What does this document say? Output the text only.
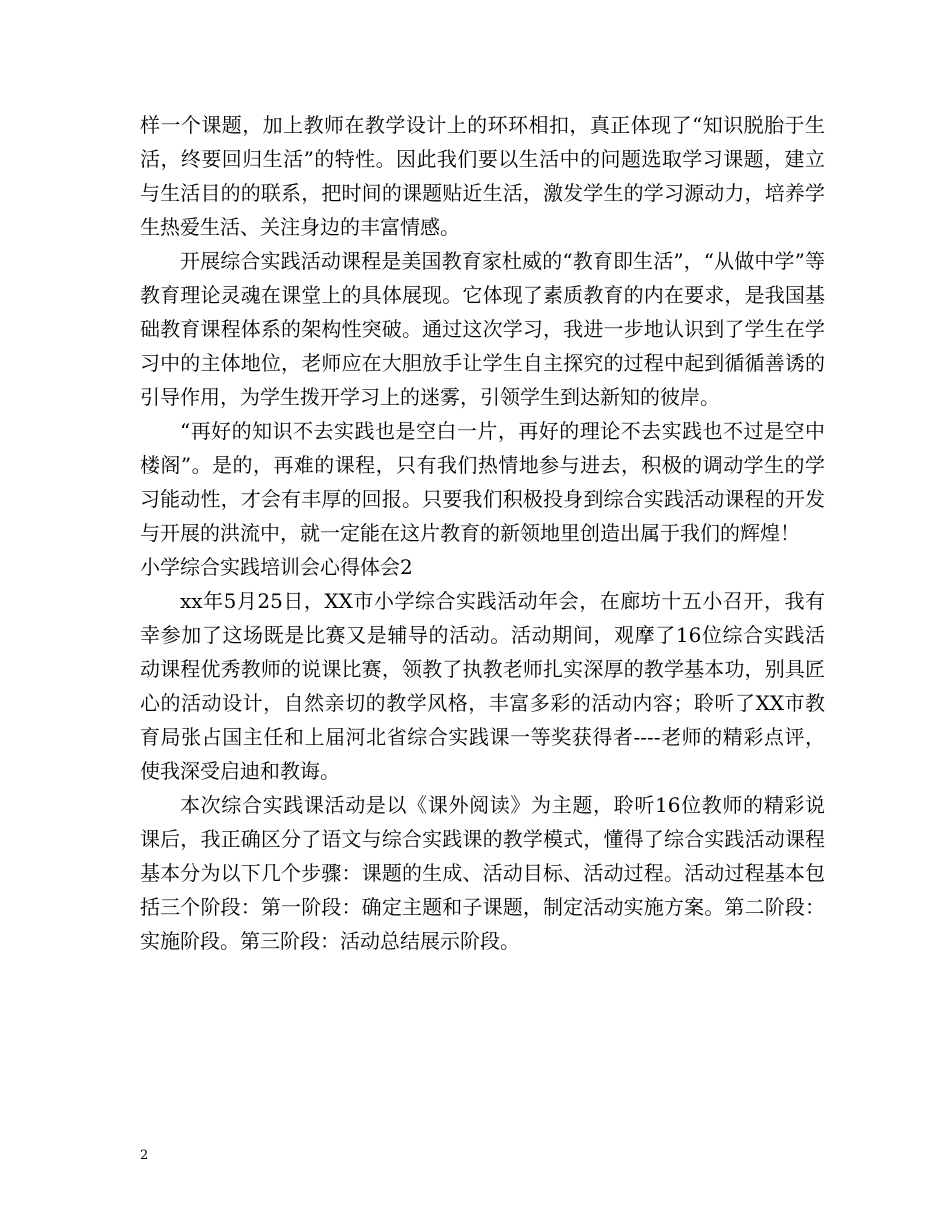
样一个课题，加上教师在教学设计上的环环相扣，真正体现了“知识脱胎于生活，终要回归生活”的特性。因此我们要以生活中的问题选取学习课题，建立与生活目的的联系，把时间的课题贴近生活，激发学生的学习源动力，培养学生热爱生活、关注身边的丰富情感。

开展综合实践活动课程是美国教育家杜威的“教育即生活”，“从做中学”等教育理论灵魂在课堂上的具体展现。它体现了素质教育的内在要求，是我国基础教育课程体系的架构性突破。通过这次学习，我进一步地认识到了学生在学习中的主体地位，老师应在大胆放手让学生自主探究的过程中起到循循善诱的引导作用，为学生拨开学习上的迷雾，引领学生到达新知的彼岸。

“再好的知识不去实践也是空白一片，再好的理论不去实践也不过是空中楼阁”。是的，再难的课程，只有我们热情地参与进去，积极的调动学生的学习能动性，才会有丰厚的回报。只要我们积极投身到综合实践活动课程的开发与开展的洪流中，就一定能在这片教育的新领地里创造出属于我们的辉煌！

小学综合实践培训会心得体会2

xx年5月25日，XX市小学综合实践活动年会，在廊坊十五小召开，我有幸参加了这场既是比赛又是辅导的活动。活动期间，观摩了16位综合实践活动课程优秀教师的说课比赛，领教了执教老师扎实深厚的教学基本功，别具匠心的活动设计，自然亲切的教学风格，丰富多彩的活动内容；聆听了XX市教育局张占国主任和上届河北省综合实践课一等奖获得者----老师的精彩点评，使我深受启迪和教诲。

本次综合实践课活动是以《课外阅读》为主题，聆听16位教师的精彩说课后，我正确区分了语文与综合实践课的教学模式，懂得了综合实践活动课程基本分为以下几个步骤：课题的生成、活动目标、活动过程。活动过程基本包括三个阶段：第一阶段：确定主题和子课题，制定活动实施方案。第二阶段：实施阶段。第三阶段：活动总结展示阶段。

2
